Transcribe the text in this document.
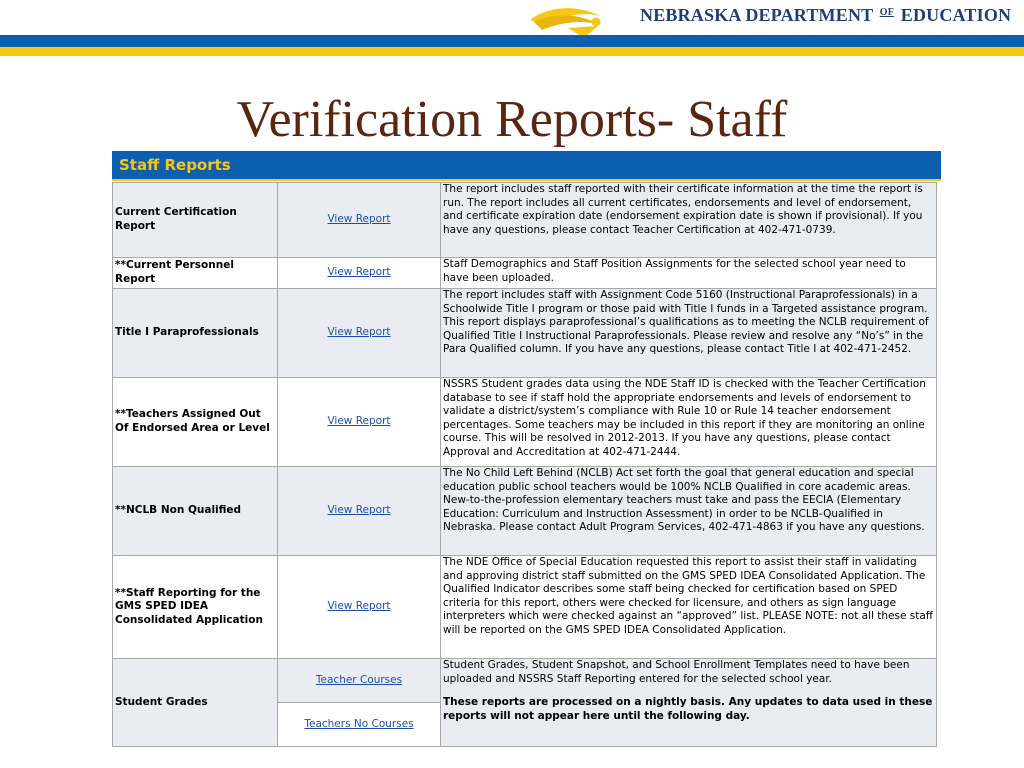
NEBRASKA DEPARTMENT $^{OF}$ EDUCATION
Verification Reports- Staff
Staff Reports
Current Certification Report	View Report	The report includes staff reported with their certificate information at the time the report is run. The report includes all current certificates, endorsements and level of endorsement, and certificate expiration date (endorsement expiration date is shown if provisional). If you have any questions, please contact Teacher Certification at 402-471-0739.
**Current Personnel Report	View Report	Staff Demographics and Staff Position Assignments for the selected school year need to have been uploaded.
Title I Paraprofessionals	View Report	The report includes staff with Assignment Code 5160 (Instructional Paraprofessionals) in a Schoolwide Title I program or those paid with Title I funds in a Targeted assistance program. This report displays paraprofessional’s qualifications as to meeting the NCLB requirement of Qualified Title I Instructional Paraprofessionals. Please review and resolve any “No’s” in the Para Qualified column. If you have any questions, please contact Title I at 402-471-2452.
**Teachers Assigned Out Of Endorsed Area or Level	View Report	NSSRS Student grades data using the NDE Staff ID is checked with the Teacher Certification database to see if staff hold the appropriate endorsements and levels of endorsement to validate a district/system’s compliance with Rule 10 or Rule 14 teacher endorsement percentages. Some teachers may be included in this report if they are monitoring an online course. This will be resolved in 2012-2013. If you have any questions, please contact Approval and Accreditation at 402-471-2444.
**NCLB Non Qualified	View Report	The No Child Left Behind (NCLB) Act set forth the goal that general education and special education public school teachers would be 100% NCLB Qualified in core academic areas. New-to-the-profession elementary teachers must take and pass the EECIA (Elementary Education: Curriculum and Instruction Assessment) in order to be NCLB-Qualified in Nebraska. Please contact Adult Program Services, 402-471-4863 if you have any questions.
**Staff Reporting for the GMS SPED IDEA Consolidated Application	View Report	The NDE Office of Special Education requested this report to assist their staff in validating and approving district staff submitted on the GMS SPED IDEA Consolidated Application. The Qualified Indicator describes some staff being checked for certification based on SPED criteria for this report, others were checked for licensure, and others as sign language interpreters which were checked against an “approved” list. PLEASE NOTE: not all these staff will be reported on the GMS SPED IDEA Consolidated Application.
Student Grades	Teacher Courses	Student Grades, Student Snapshot, and School Enrollment Templates need to have been uploaded and NSSRS Staff Reporting entered for the selected school year.
These reports are processed on a nightly basis. Any updates to data used in these reports will not appear here until the following day.

	Teachers No Courses	
